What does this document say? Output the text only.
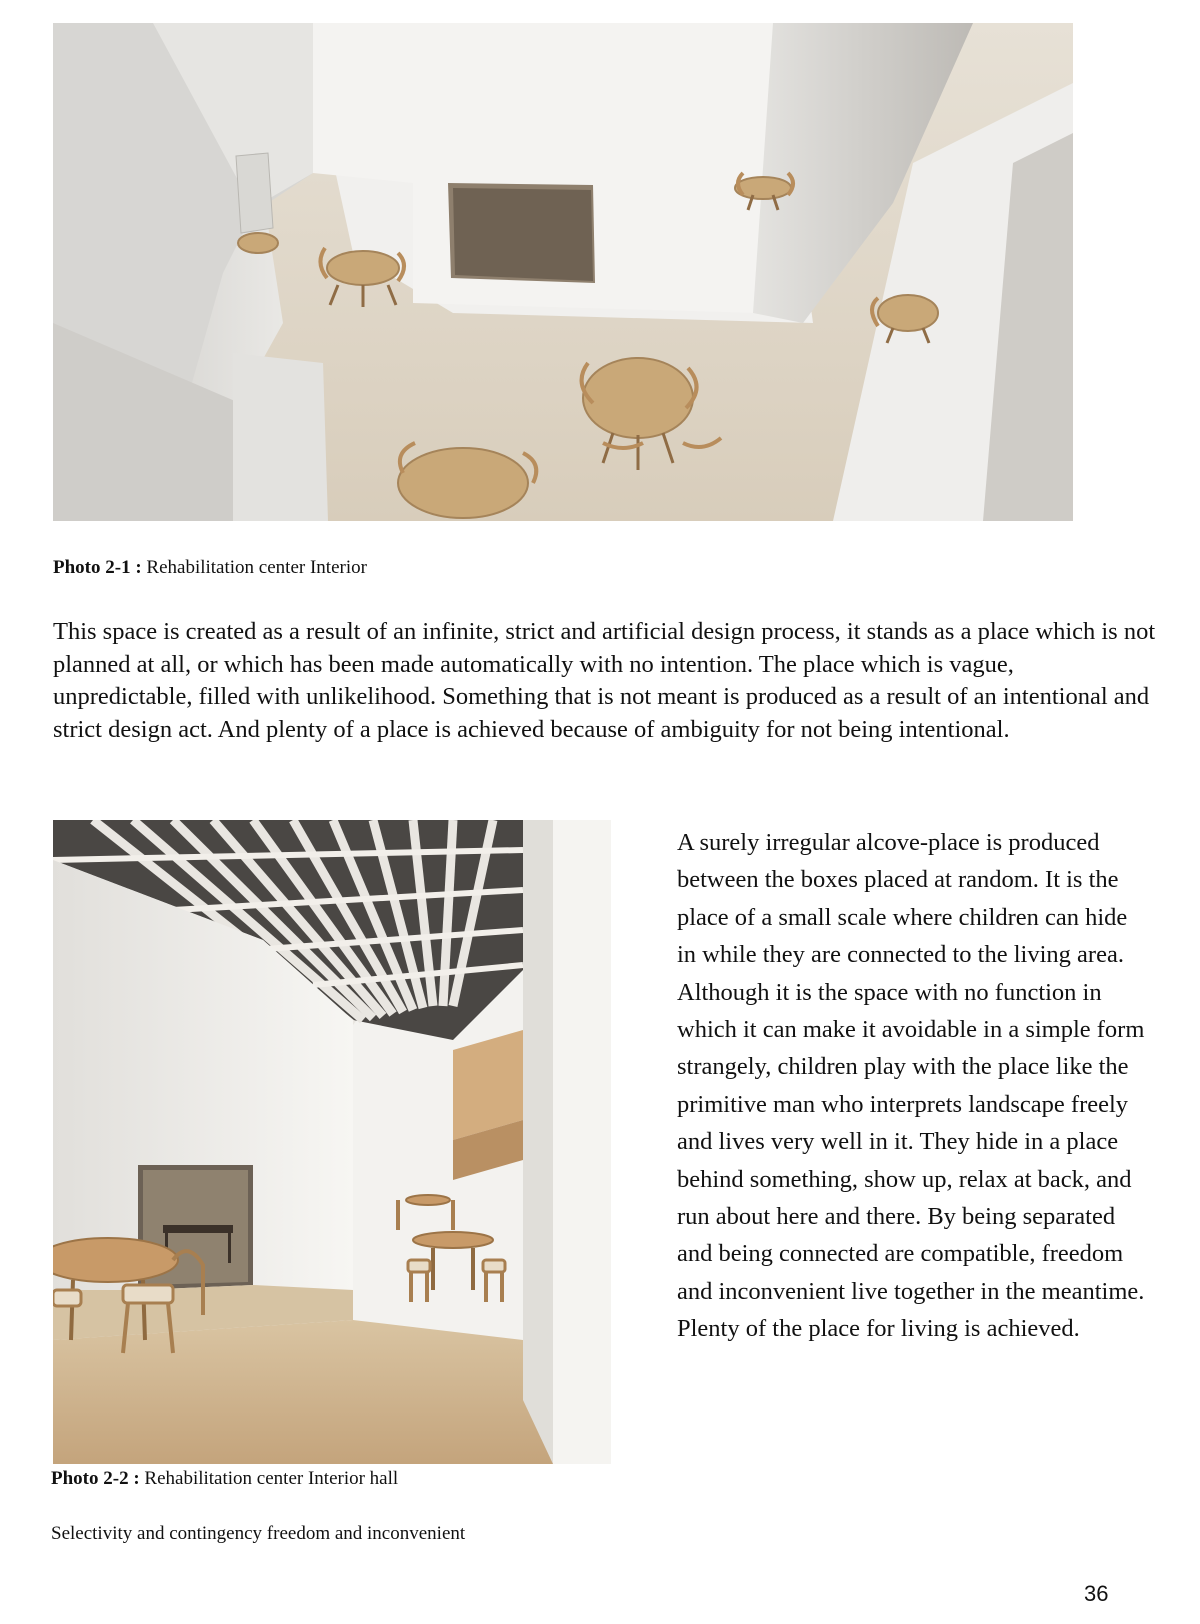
Photo 2-1 : Rehabilitation center Interior

This space is created as a result of an infinite, strict and artificial design process, it stands as a place which is not planned at all, or which has been made automatically with no intention. The place which is vague, unpredictable, filled with unlikelihood. Something that is not meant is produced as a result of an intentional and strict design act. And plenty of a place is achieved because of ambiguity for not being intentional.

Photo 2-2 : Rehabilitation center Interior hall
Selectivity and contingency freedom and inconvenient

A surely irregular alcove-place is produced between the boxes placed at random. It is the place of a small scale where children can hide in while they are connected to the living area. Although it is the space with no function in which it can make it avoidable in a simple form strangely, children play with the place like the primitive man who interprets landscape freely and lives very well in it. They hide in a place behind something, show up, relax at back, and run about here and there. By being separated and being connected are compatible, freedom and inconvenient live together in the meantime. Plenty of the place for living is achieved.

36
